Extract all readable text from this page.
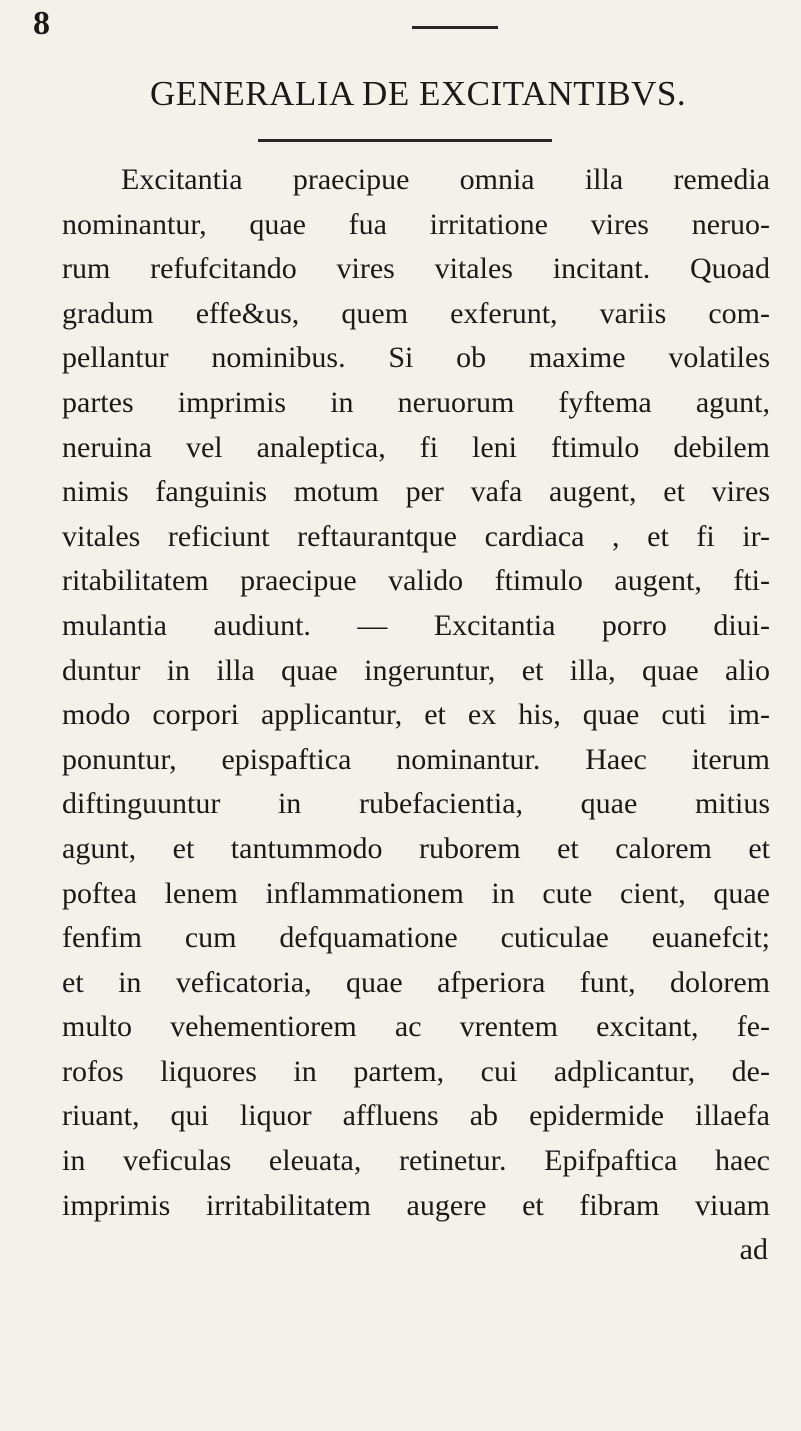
8
GENERALIA DE EXCITANTIBVS.
Excitantia praecipue omnia illa remedia
nominantur, quae fua irritatione vires neruo-
rum refufcitando vires vitales incitant. Quoad
gradum effe&us, quem exferunt, variis com-
pellantur nominibus. Si ob maxime volatiles
partes imprimis in neruorum fyftema agunt,
neruina vel analeptica, fi leni ftimulo debilem
nimis fanguinis motum per vafa augent, et vires
vitales reficiunt reftaurantque cardiaca , et fi ir-
ritabilitatem praecipue valido ftimulo augent, fti-
mulantia audiunt. — Excitantia porro diui-
duntur in illa quae ingeruntur, et illa, quae alio
modo corpori applicantur, et ex his, quae cuti im-
ponuntur, epispaftica nominantur. Haec iterum
diftinguuntur in rubefacientia, quae mitius
agunt, et tantummodo ruborem et calorem et
poftea lenem inflammationem in cute cient, quae
fenfim cum defquamatione cuticulae euanefcit;
et in veficatoria, quae afperiora funt, dolorem
multo vehementiorem ac vrentem excitant, fe-
rofos liquores in partem, cui adplicantur, de-
riuant, qui liquor affluens ab epidermide illaefa
in veficulas eleuata, retinetur. Epifpaftica haec
imprimis irritabilitatem augere et fibram viuam
ad
